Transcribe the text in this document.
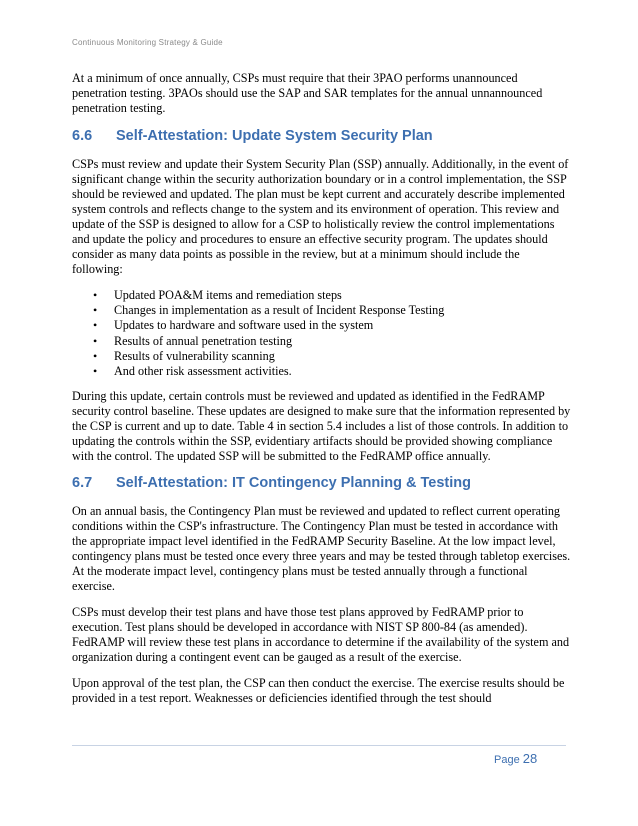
Continuous Monitoring Strategy & Guide

At a minimum of once annually, CSPs must require that their 3PAO performs unannounced penetration testing. 3PAOs should use the SAP and SAR templates for the annual unnannounced penetration testing.

6.6	Self-Attestation: Update System Security Plan

CSPs must review and update their System Security Plan (SSP) annually. Additionally, in the event of significant change within the security authorization boundary or in a control implementation, the SSP should be reviewed and updated. The plan must be kept current and accurately describe implemented system controls and reflects change to the system and its environment of operation. This review and update of the SSP is designed to allow for a CSP to holistically review the control implementations and update the policy and procedures to ensure an effective security program. The updates should consider as many data points as possible in the review, but at a minimum should include the following:

• Updated POA&M items and remediation steps
• Changes in implementation as a result of Incident Response Testing
• Updates to hardware and software used in the system
• Results of annual penetration testing
• Results of vulnerability scanning
• And other risk assessment activities.

During this update, certain controls must be reviewed and updated as identified in the FedRAMP security control baseline. These updates are designed to make sure that the information represented by the CSP is current and up to date. Table 4 in section 5.4 includes a list of those controls. In addition to updating the controls within the SSP, evidentiary artifacts should be provided showing compliance with the control. The updated SSP will be submitted to the FedRAMP office annually.

6.7	Self-Attestation: IT Contingency Planning & Testing

On an annual basis, the Contingency Plan must be reviewed and updated to reflect current operating conditions within the CSP's infrastructure. The Contingency Plan must be tested in accordance with the appropriate impact level identified in the FedRAMP Security Baseline. At the low impact level, contingency plans must be tested once every three years and may be tested through tabletop exercises. At the moderate impact level, contingency plans must be tested annually through a functional exercise.

CSPs must develop their test plans and have those test plans approved by FedRAMP prior to execution. Test plans should be developed in accordance with NIST SP 800-84 (as amended). FedRAMP will review these test plans in accordance to determine if the availability of the system and organization during a contingent event can be gauged as a result of the exercise.

Upon approval of the test plan, the CSP can then conduct the exercise. The exercise results should be provided in a test report. Weaknesses or deficiencies identified through the test should

Page 28
